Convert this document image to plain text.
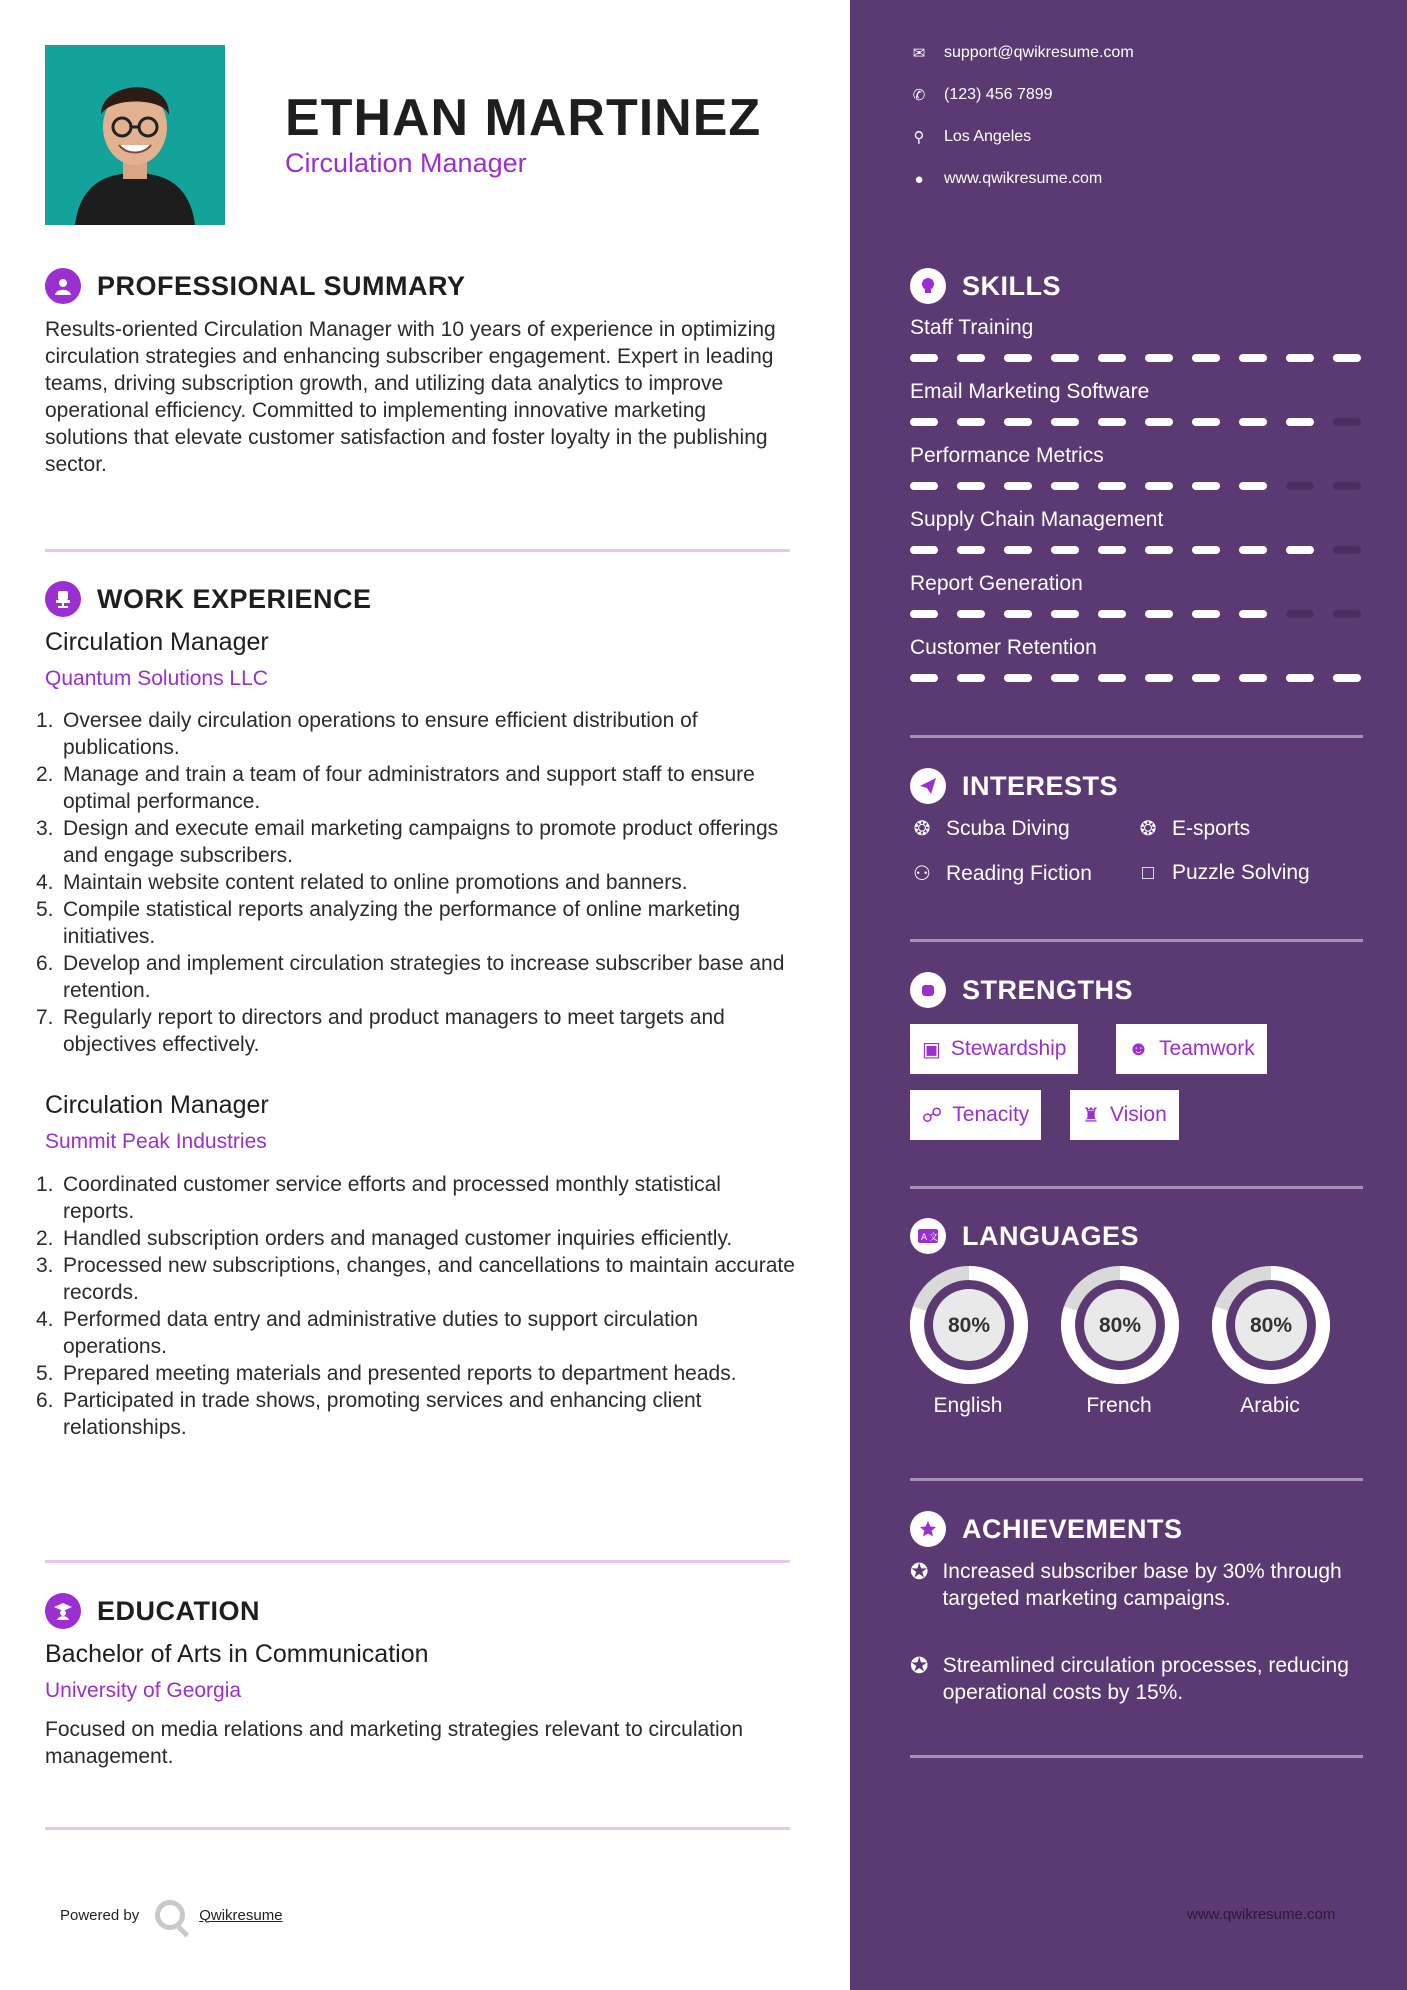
ETHAN MARTINEZ
Circulation Manager
PROFESSIONAL SUMMARY
Results-oriented Circulation Manager with 10 years of experience in optimizing circulation strategies and enhancing subscriber engagement. Expert in leading teams, driving subscription growth, and utilizing data analytics to improve operational efficiency. Committed to implementing innovative marketing solutions that elevate customer satisfaction and foster loyalty in the publishing sector.
WORK EXPERIENCE
Circulation Manager
Quantum Solutions LLC
1. Oversee daily circulation operations to ensure efficient distribution of publications.
2. Manage and train a team of four administrators and support staff to ensure optimal performance.
3. Design and execute email marketing campaigns to promote product offerings and engage subscribers.
4. Maintain website content related to online promotions and banners.
5. Compile statistical reports analyzing the performance of online marketing initiatives.
6. Develop and implement circulation strategies to increase subscriber base and retention.
7. Regularly report to directors and product managers to meet targets and objectives effectively.
Circulation Manager
Summit Peak Industries
1. Coordinated customer service efforts and processed monthly statistical reports.
2. Handled subscription orders and managed customer inquiries efficiently.
3. Processed new subscriptions, changes, and cancellations to maintain accurate records.
4. Performed data entry and administrative duties to support circulation operations.
5. Prepared meeting materials and presented reports to department heads.
6. Participated in trade shows, promoting services and enhancing client relationships.
EDUCATION
Bachelor of Arts in Communication
University of Georgia
Focused on media relations and marketing strategies relevant to circulation management.
Powered by	Qwikresume
✉ support@qwikresume.com
✆ (123) 456 7899
⚲ Los Angeles
● www.qwikresume.com
SKILLS
Staff Training
Email Marketing Software
Performance Metrics
Supply Chain Management
Report Generation
Customer Retention
INTERESTS
❂ Scuba Diving	❂ E-sports
⚇ Reading Fiction	□ Puzzle Solving
STRENGTHS
▣ Stewardship	☻ Teamwork
☍ Tenacity	♜ Vision
A 文 LANGUAGES
80%
English
80%
French
80%
Arabic
ACHIEVEMENTS
✪ Increased subscriber base by 30% through targeted marketing campaigns.
✪ Streamlined circulation processes, reducing operational costs by 15%.
www.qwikresume.com
